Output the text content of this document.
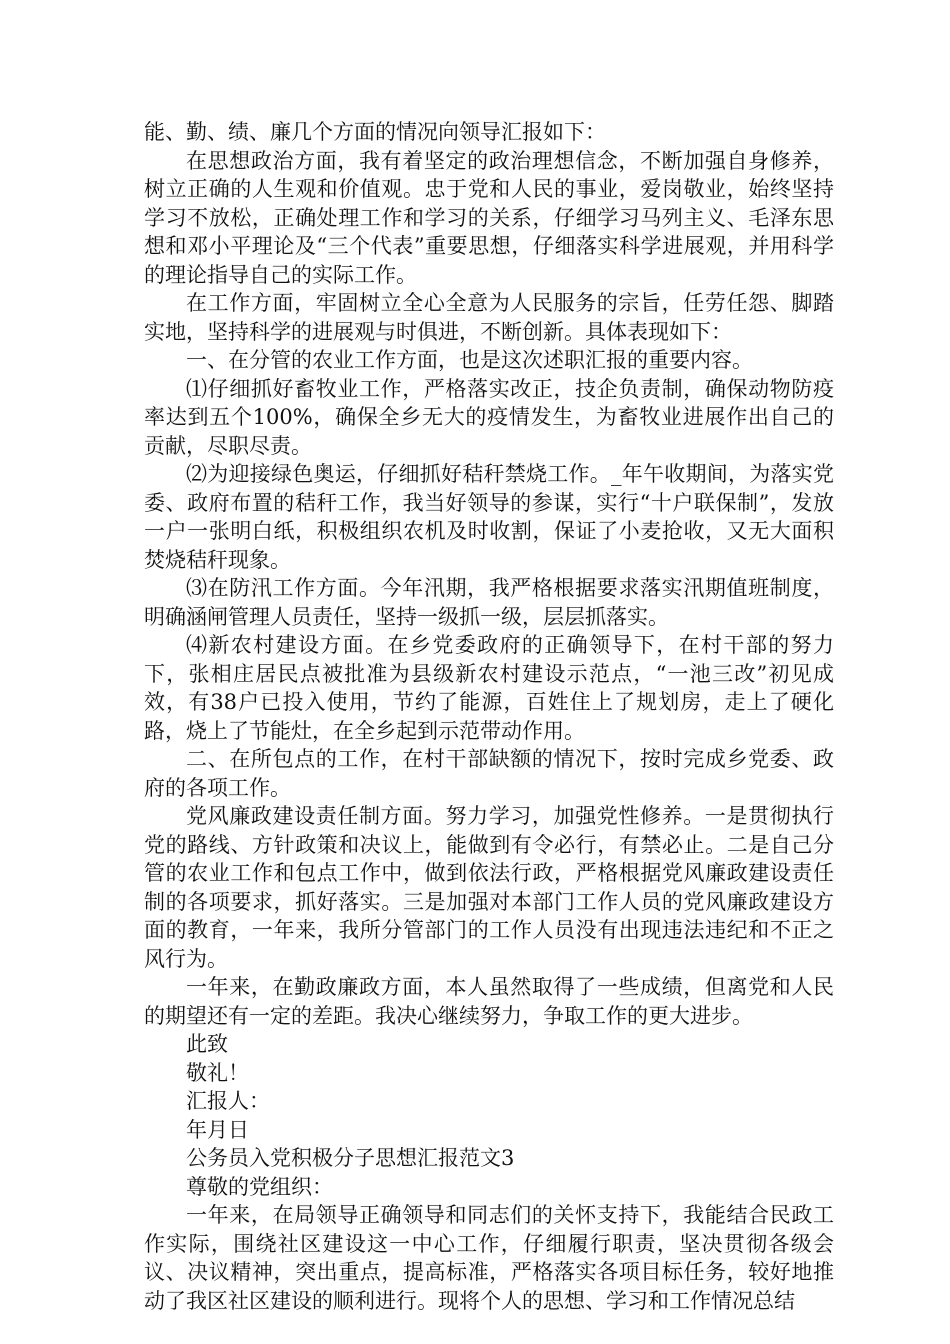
能、勤、绩、廉几个方面的情况向领导汇报如下：

在思想政治方面，我有着坚定的政治理想信念，不断加强自身修养，树立正确的人生观和价值观。忠于党和人民的事业，爱岗敬业，始终坚持学习不放松，正确处理工作和学习的关系，仔细学习马列主义、毛泽东思想和邓小平理论及“三个代表”重要思想，仔细落实科学进展观，并用科学的理论指导自己的实际工作。

在工作方面，牢固树立全心全意为人民服务的宗旨，任劳任怨、脚踏实地，坚持科学的进展观与时俱进，不断创新。具体表现如下：

一、在分管的农业工作方面，也是这次述职汇报的重要内容。

⑴仔细抓好畜牧业工作，严格落实改正，技企负责制，确保动物防疫率达到五个100%，确保全乡无大的疫情发生，为畜牧业进展作出自己的贡献，尽职尽责。

⑵为迎接绿色奥运，仔细抓好秸秆禁烧工作。_年午收期间，为落实党委、政府布置的秸秆工作，我当好领导的参谋，实行“十户联保制”，发放一户一张明白纸，积极组织农机及时收割，保证了小麦抢收，又无大面积焚烧秸秆现象。

⑶在防汛工作方面。今年汛期，我严格根据要求落实汛期值班制度，明确涵闸管理人员责任，坚持一级抓一级，层层抓落实。

⑷新农村建设方面。在乡党委政府的正确领导下，在村干部的努力下，张相庄居民点被批准为县级新农村建设示范点，“一池三改”初见成效，有38户已投入使用，节约了能源，百姓住上了规划房，走上了硬化路，烧上了节能灶，在全乡起到示范带动作用。

二、在所包点的工作，在村干部缺额的情况下，按时完成乡党委、政府的各项工作。

党风廉政建设责任制方面。努力学习，加强党性修养。一是贯彻执行党的路线、方针政策和决议上，能做到有令必行，有禁必止。二是自己分管的农业工作和包点工作中，做到依法行政，严格根据党风廉政建设责任制的各项要求，抓好落实。三是加强对本部门工作人员的党风廉政建设方面的教育，一年来，我所分管部门的工作人员没有出现违法违纪和不正之风行为。

一年来，在勤政廉政方面，本人虽然取得了一些成绩，但离党和人民的期望还有一定的差距。我决心继续努力，争取工作的更大进步。

此致

敬礼！

汇报人：

年月日

公务员入党积极分子思想汇报范文3

尊敬的党组织：

一年来，在局领导正确领导和同志们的关怀支持下，我能结合民政工作实际，围绕社区建设这一中心工作，仔细履行职责，坚决贯彻各级会议、决议精神，突出重点，提高标准，严格落实各项目标任务，较好地推动了我区社区建设的顺利进行。现将个人的思想、学习和工作情况总结
